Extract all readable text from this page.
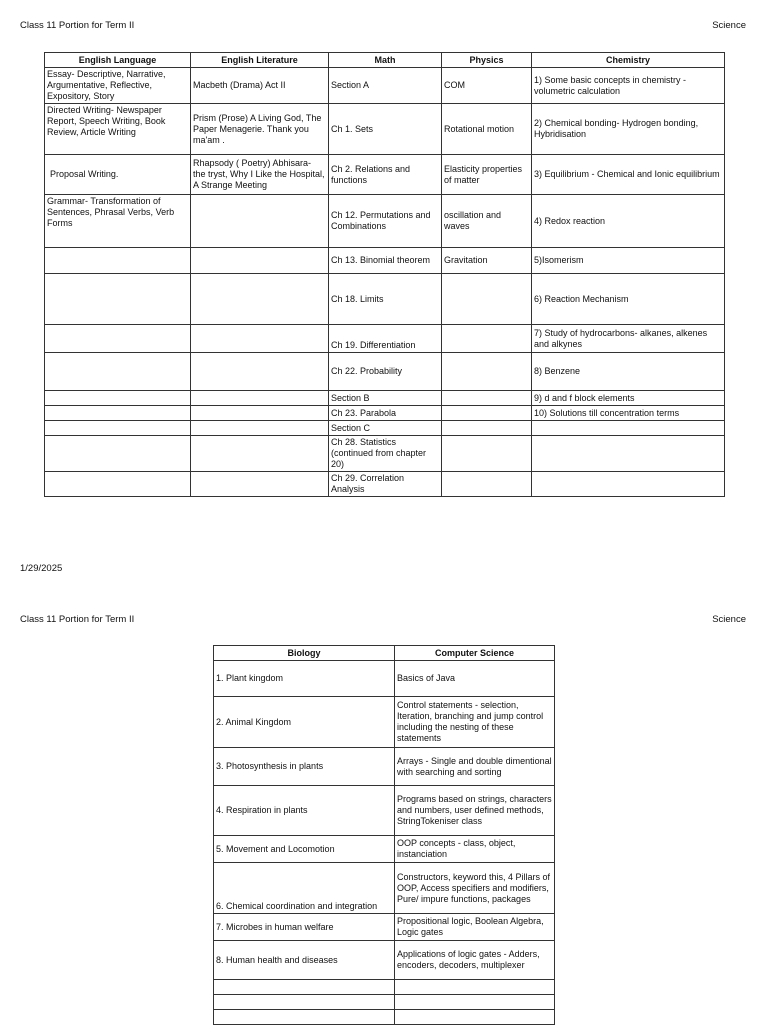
Class 11 Portion for Term II	Science
English Language	English Literature	Math	Physics	Chemistry
Essay- Descriptive, Narrative, Argumentative, Reflective, Expository, Story	Macbeth (Drama) Act II	Section A	COM	1) Some basic concepts in chemistry - volumetric calculation
Directed Writing- Newspaper Report, Speech Writing, Book Review, Article Writing	Prism (Prose) A Living God, The Paper Menagerie. Thank you ma'am .	Ch 1. Sets	Rotational motion	2) Chemical bonding- Hydrogen bonding, Hybridisation
Proposal Writing.	Rhapsody ( Poetry) Abhisara- the tryst, Why I Like the Hospital, A Strange Meeting	Ch 2. Relations and functions	Elasticity properties of matter	3) Equilibrium - Chemical and Ionic equilibrium
Grammar- Transformation of Sentences, Phrasal Verbs, Verb Forms		Ch 12. Permutations and Combinations	oscillation and waves	4) Redox reaction
		Ch 13. Binomial theorem	Gravitation	5)Isomerism
		Ch 18. Limits		6) Reaction Mechanism
		Ch 19. Differentiation		7) Study of hydrocarbons- alkanes, alkenes and alkynes
		Ch 22. Probability		8) Benzene
		Section B		9) d and f block elements
		Ch 23. Parabola		10) Solutions till concentration terms
		Section C		
		Ch 28. Statistics (continued from chapter 20)		
		Ch 29. Correlation Analysis		
1/29/2025
Class 11 Portion for Term II	Science
Biology	Computer Science
1. Plant kingdom	Basics of Java
2. Animal Kingdom	Control statements - selection, Iteration, branching and jump control including the nesting of these statements
3. Photosynthesis in plants	Arrays - Single and double dimentional with searching and sorting
4. Respiration in plants	Programs based on strings, characters and numbers, user defined methods, StringTokeniser class
5. Movement and Locomotion	OOP concepts - class, object, instanciation
6. Chemical coordination and integration	Constructors, keyword this, 4 Pillars of OOP, Access specifiers and modifiers, Pure/ impure functions, packages
7. Microbes in human welfare	Propositional logic, Boolean Algebra, Logic gates
8. Human health and diseases	Applications of logic gates - Adders, encoders, decoders, multiplexer
